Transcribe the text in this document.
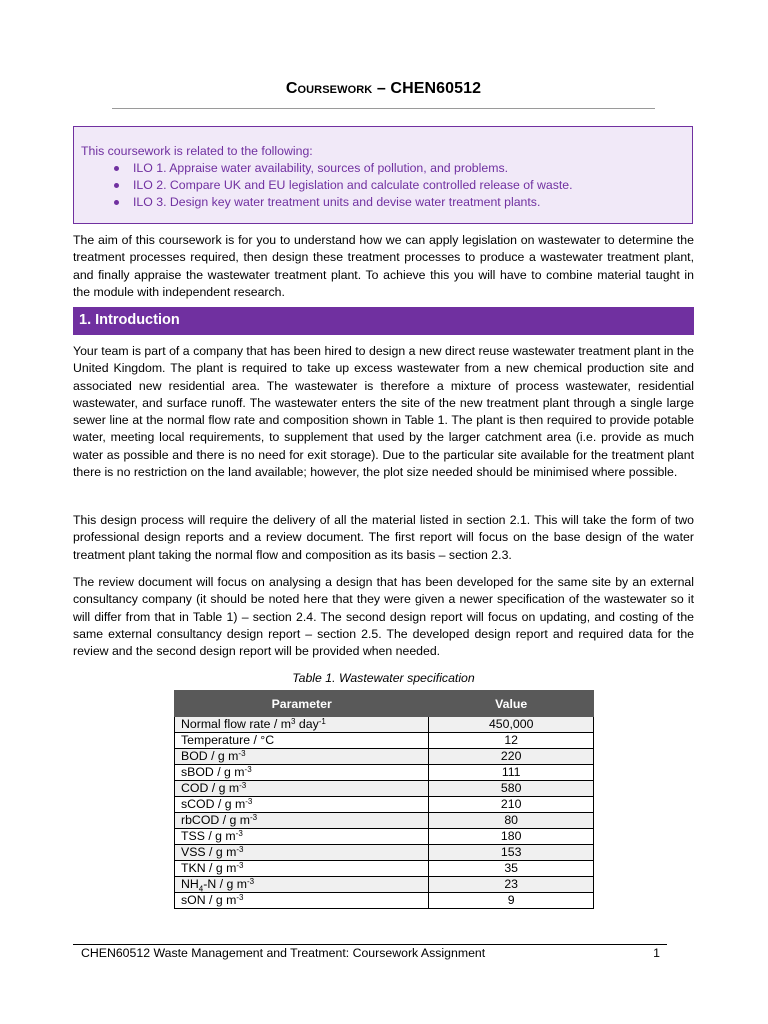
Coursework – CHEN60512
This coursework is related to the following:
ILO 1. Appraise water availability, sources of pollution, and problems.
ILO 2. Compare UK and EU legislation and calculate controlled release of waste.
ILO 3. Design key water treatment units and devise water treatment plants.

The aim of this coursework is for you to understand how we can apply legislation on wastewater to determine the treatment processes required, then design these treatment processes to produce a wastewater treatment plant, and finally appraise the wastewater treatment plant. To achieve this you will have to combine material taught in the module with independent research.

1. Introduction

Your team is part of a company that has been hired to design a new direct reuse wastewater treatment plant in the United Kingdom. The plant is required to take up excess wastewater from a new chemical production site and associated new residential area. The wastewater is therefore a mixture of process wastewater, residential wastewater, and surface runoff. The wastewater enters the site of the new treatment plant through a single large sewer line at the normal flow rate and composition shown in Table 1. The plant is then required to provide potable water, meeting local requirements, to supplement that used by the larger catchment area (i.e. provide as much water as possible and there is no need for exit storage). Due to the particular site available for the treatment plant there is no restriction on the land available; however, the plot size needed should be minimised where possible.

This design process will require the delivery of all the material listed in section 2.1. This will take the form of two professional design reports and a review document. The first report will focus on the base design of the water treatment plant taking the normal flow and composition as its basis – section 2.3.

The review document will focus on analysing a design that has been developed for the same site by an external consultancy company (it should be noted here that they were given a newer specification of the wastewater so it will differ from that in Table 1) – section 2.4. The second design report will focus on updating, and costing of the same external consultancy design report – section 2.5. The developed design report and required data for the review and the second design report will be provided when needed.

Table 1. Wastewater specification
Parameter	Value
Normal flow rate / $m^3$ day$^{-1}$	450,000
Temperature / °C	12
BOD / g $m^{-3}$	220
sBOD / g $m^{-3}$	111
COD / g $m^{-3}$	580
sCOD / g $m^{-3}$	210
rbCOD / g $m^{-3}$	80
TSS / g $m^{-3}$	180
VSS / g $m^{-3}$	153
TKN / g $m^{-3}$	35
$NH_4-N$ / g $m^{-3}$	23
sON / g $m^{-3}$	9
CHEN60512 Waste Management and Treatment: Coursework Assignment	1
